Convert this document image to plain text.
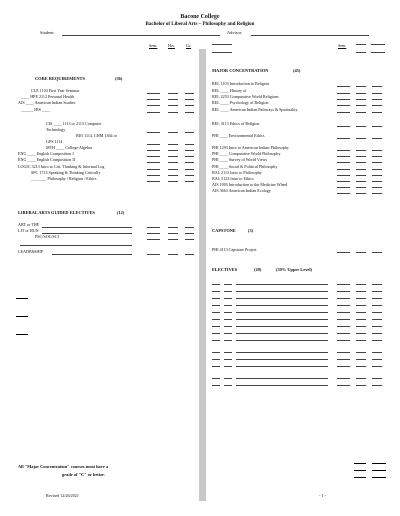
Bacone College
Bachelor of Liberal Arts – Philosophy and Religion
Student:	Advisor:
Sem.	Hrs.	Gr.	Sem.
CORE REQUIREMENTS	(36)
CLE 1103 First Year Seminar
____ HPE 2112 Personal Health
AIS ____ American Indian Studies
______ HIS ____
CIS ____ 1113 or 2113 Computer
Technology
BIO 1114, CHM 1364 or
GPS 1114
MTH ____ College Algebra
ENG ____ English Composition I
ENG ____ English Composition II
LOGIC 3213 Intro to Crit. Thinking & Informal Log
SPC 1713 Speaking & Thinking Critically
___ ____ Philosophy / Religion / Ethics
LIBERAL ARTS GUIDED ELECTIVES	(12)
ART or THE
LIT or HUN
PSC/SOC/SCI
LEADERSHIP
MAJOR CONCENTRATION	(45)
REL 1103 Introduction to Religion
REL ____ History of
REL 2253 Comparative World Religions
REL ____ Psychology of Religion
REL ____ American Indian Pathways & Spirituality
REL 3113 Ethics of Religion
PHI ____ Environmental Ethics
PHI 1293 Intro to American Indian Philosophy
PHI ____ Comparative World Philosophy
PHI ____ Survey of World Views
PHI ____ Social & Political Philosophy
BAL 2113 Intro to Philosophy
BAL 3123 Intro to Ethics
AIS 1003 Introduction to the Medicine Wheel
AIS 3663 American Indian Ecology
CAPSTONE	(3)
PHI 4113 Capstone Project
ELECTIVES	(28)	(50% Upper Level)
All "Major Concentration" courses must have a
grade of "C" or better.
Revised 12/26/2021	- 1 -
